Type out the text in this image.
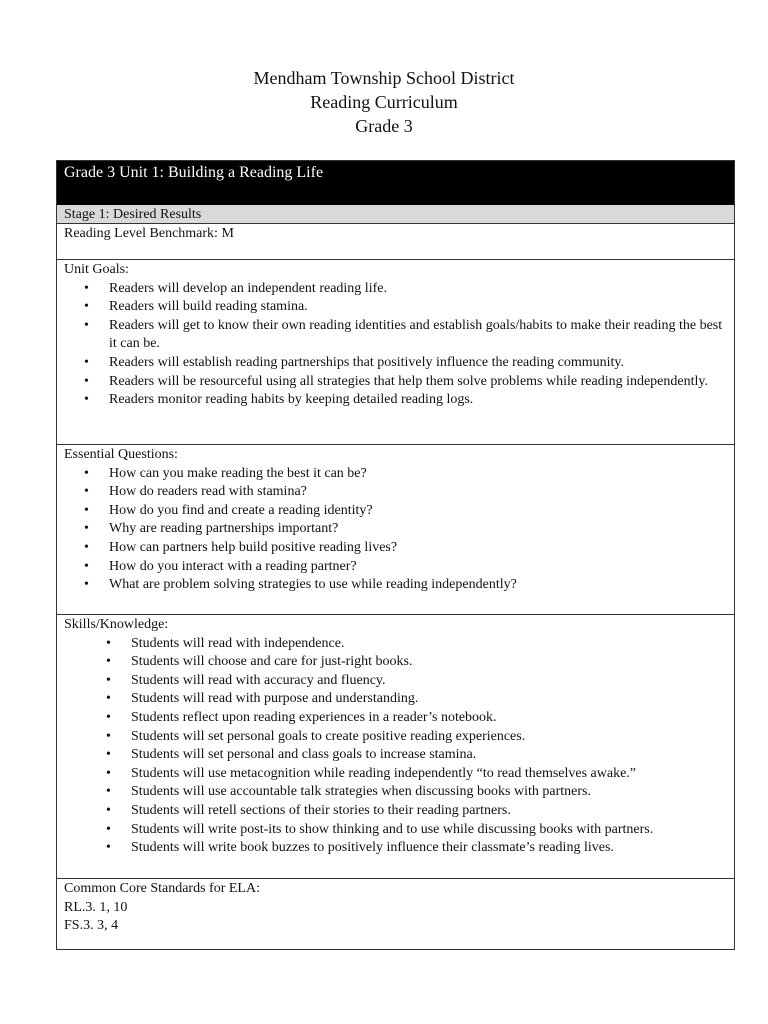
Mendham Township School District
Reading Curriculum
Grade 3
Grade 3 Unit 1: Building a Reading Life
Stage 1: Desired Results
Reading Level Benchmark: M
Unit Goals:
• Readers will develop an independent reading life.
• Readers will build reading stamina.
• Readers will get to know their own reading identities and establish goals/habits to make their reading the best it can be.
• Readers will establish reading partnerships that positively influence the reading community.
• Readers will be resourceful using all strategies that help them solve problems while reading independently.
• Readers monitor reading habits by keeping detailed reading logs.
Essential Questions:
• How can you make reading the best it can be?
• How do readers read with stamina?
• How do you find and create a reading identity?
• Why are reading partnerships important?
• How can partners help build positive reading lives?
• How do you interact with a reading partner?
• What are problem solving strategies to use while reading independently?
Skills/Knowledge:
• Students will read with independence.
• Students will choose and care for just-right books.
• Students will read with accuracy and fluency.
• Students will read with purpose and understanding.
• Students reflect upon reading experiences in a reader’s notebook.
• Students will set personal goals to create positive reading experiences.
• Students will set personal and class goals to increase stamina.
• Students will use metacognition while reading independently “to read themselves awake.”
• Students will use accountable talk strategies when discussing books with partners.
• Students will retell sections of their stories to their reading partners.
• Students will write post-its to show thinking and to use while discussing books with partners.
• Students will write book buzzes to positively influence their classmate’s reading lives.
Common Core Standards for ELA:
RL.3. 1, 10
FS.3. 3, 4
